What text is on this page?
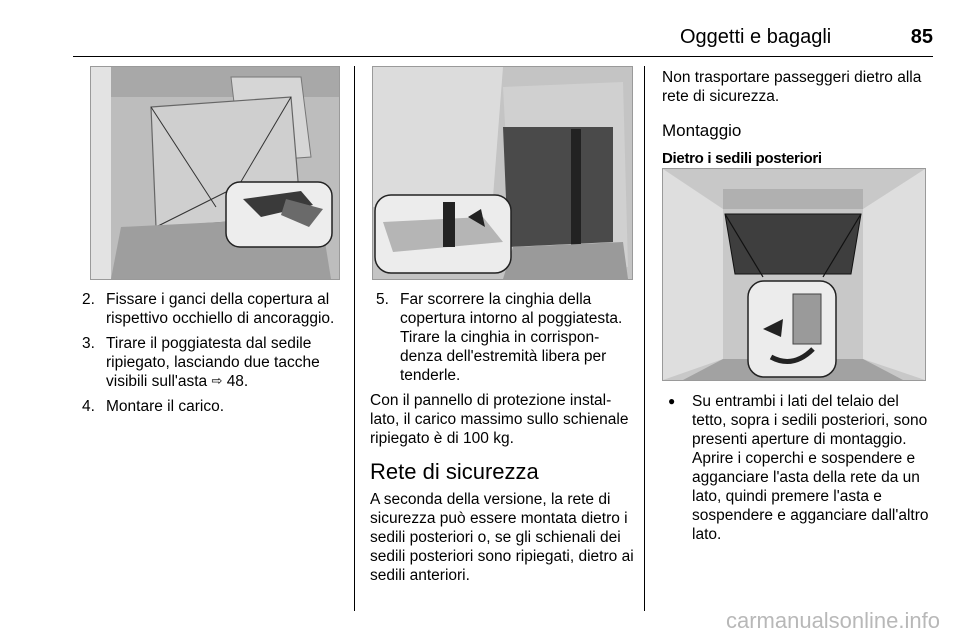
Oggetti e bagagli	85
2. Fissare i ganci della copertura al rispettivo occhiello di ancoraggio.
3. Tirare il poggiatesta dal sedile ripiegato, lasciando due tacche visibili sull'asta ⇨ 48.
4. Montare il carico.
5. Far scorrere la cinghia della copertura intorno al poggiatesta. Tirare la cinghia in corrispondenza dell'estremità libera per tenderle.

Con il pannello di protezione installato, il carico massimo sullo schienale ripiegato è di 100 kg.

Rete di sicurezza

A seconda della versione, la rete di sicurezza può essere montata dietro i sedili posteriori o, se gli schienali dei sedili posteriori sono ripiegati, dietro ai sedili anteriori.

Non trasportare passeggeri dietro alla rete di sicurezza.

Montaggio
Dietro i sedili posteriori
● Su entrambi i lati del telaio del tetto, sopra i sedili posteriori, sono presenti aperture di montaggio. Aprire i coperchi e sospendere e agganciare l'asta della rete da un lato, quindi premere l'asta e sospendere e agganciare dall'altro lato.
carmanualsonline.info
